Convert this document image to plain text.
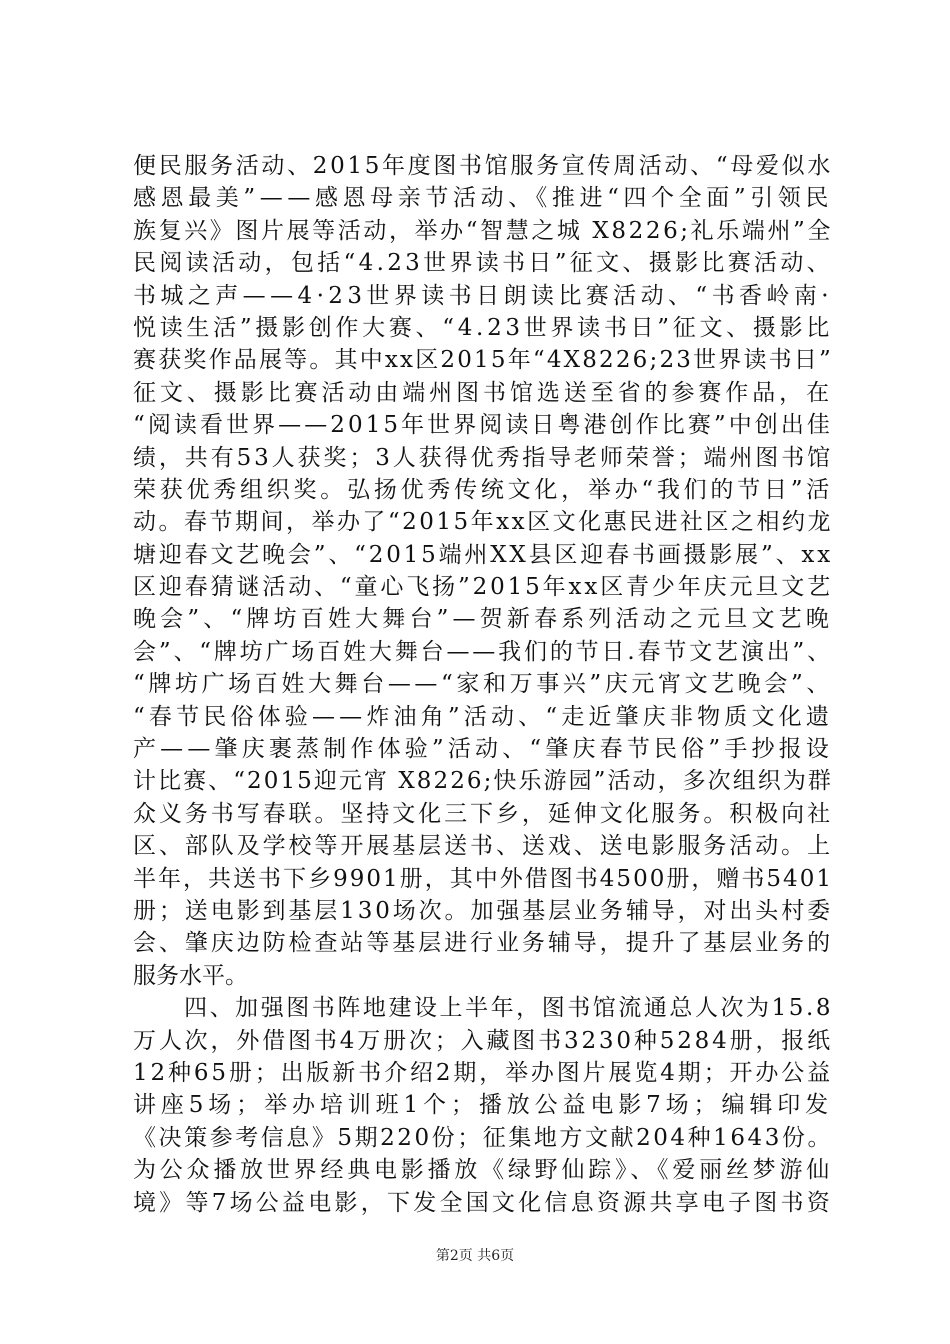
便民服务活动、2015年度图书馆服务宣传周活动、“母爱似水
感恩最美”——感恩母亲节活动、《推进“四个全面”引领民
族复兴》图片展等活动，举办“智慧之城 X8226;礼乐端州”全
民阅读活动，包括“4.23世界读书日”征文、摄影比赛活动、
书城之声——4·23世界读书日朗读比赛活动、“书香岭南·
悦读生活”摄影创作大赛、“4.23世界读书日”征文、摄影比
赛获奖作品展等。其中xx区2015年“4X8226;23世界读书日”
征文、摄影比赛活动由端州图书馆选送至省的参赛作品，在
“阅读看世界——2015年世界阅读日粤港创作比赛”中创出佳
绩，共有53人获奖；3人获得优秀指导老师荣誉；端州图书馆
荣获优秀组织奖。弘扬优秀传统文化，举办“我们的节日”活
动。春节期间，举办了“2015年xx区文化惠民进社区之相约龙
塘迎春文艺晚会”、“2015端州XX县区迎春书画摄影展”、xx
区迎春猜谜活动、“童心飞扬”2015年xx区青少年庆元旦文艺
晚会”、“牌坊百姓大舞台”—贺新春系列活动之元旦文艺晚
会”、“牌坊广场百姓大舞台——我们的节日.春节文艺演出”、
“牌坊广场百姓大舞台——“家和万事兴”庆元宵文艺晚会”、
“春节民俗体验——炸油角”活动、“走近肇庆非物质文化遗
产——肇庆裹蒸制作体验”活动、“肇庆春节民俗”手抄报设
计比赛、“2015迎元宵 X8226;快乐游园”活动，多次组织为群
众义务书写春联。坚持文化三下乡，延伸文化服务。积极向社
区、部队及学校等开展基层送书、送戏、送电影服务活动。上
半年，共送书下乡9901册，其中外借图书4500册，赠书5401
册；送电影到基层130场次。加强基层业务辅导，对出头村委
会、肇庆边防检查站等基层进行业务辅导，提升了基层业务的
服务水平。
　　四、加强图书阵地建设上半年，图书馆流通总人次为15.8
万人次，外借图书4万册次；入藏图书3230种5284册，报纸
12种65册；出版新书介绍2期，举办图片展览4期；开办公益
讲座5场；举办培训班1个；播放公益电影7场；编辑印发
《决策参考信息》5期220份；征集地方文献204种1643份。
为公众播放世界经典电影播放《绿野仙踪》、《爱丽丝梦游仙
境》等7场公益电影，下发全国文化信息资源共享电子图书资
第2页 共6页
